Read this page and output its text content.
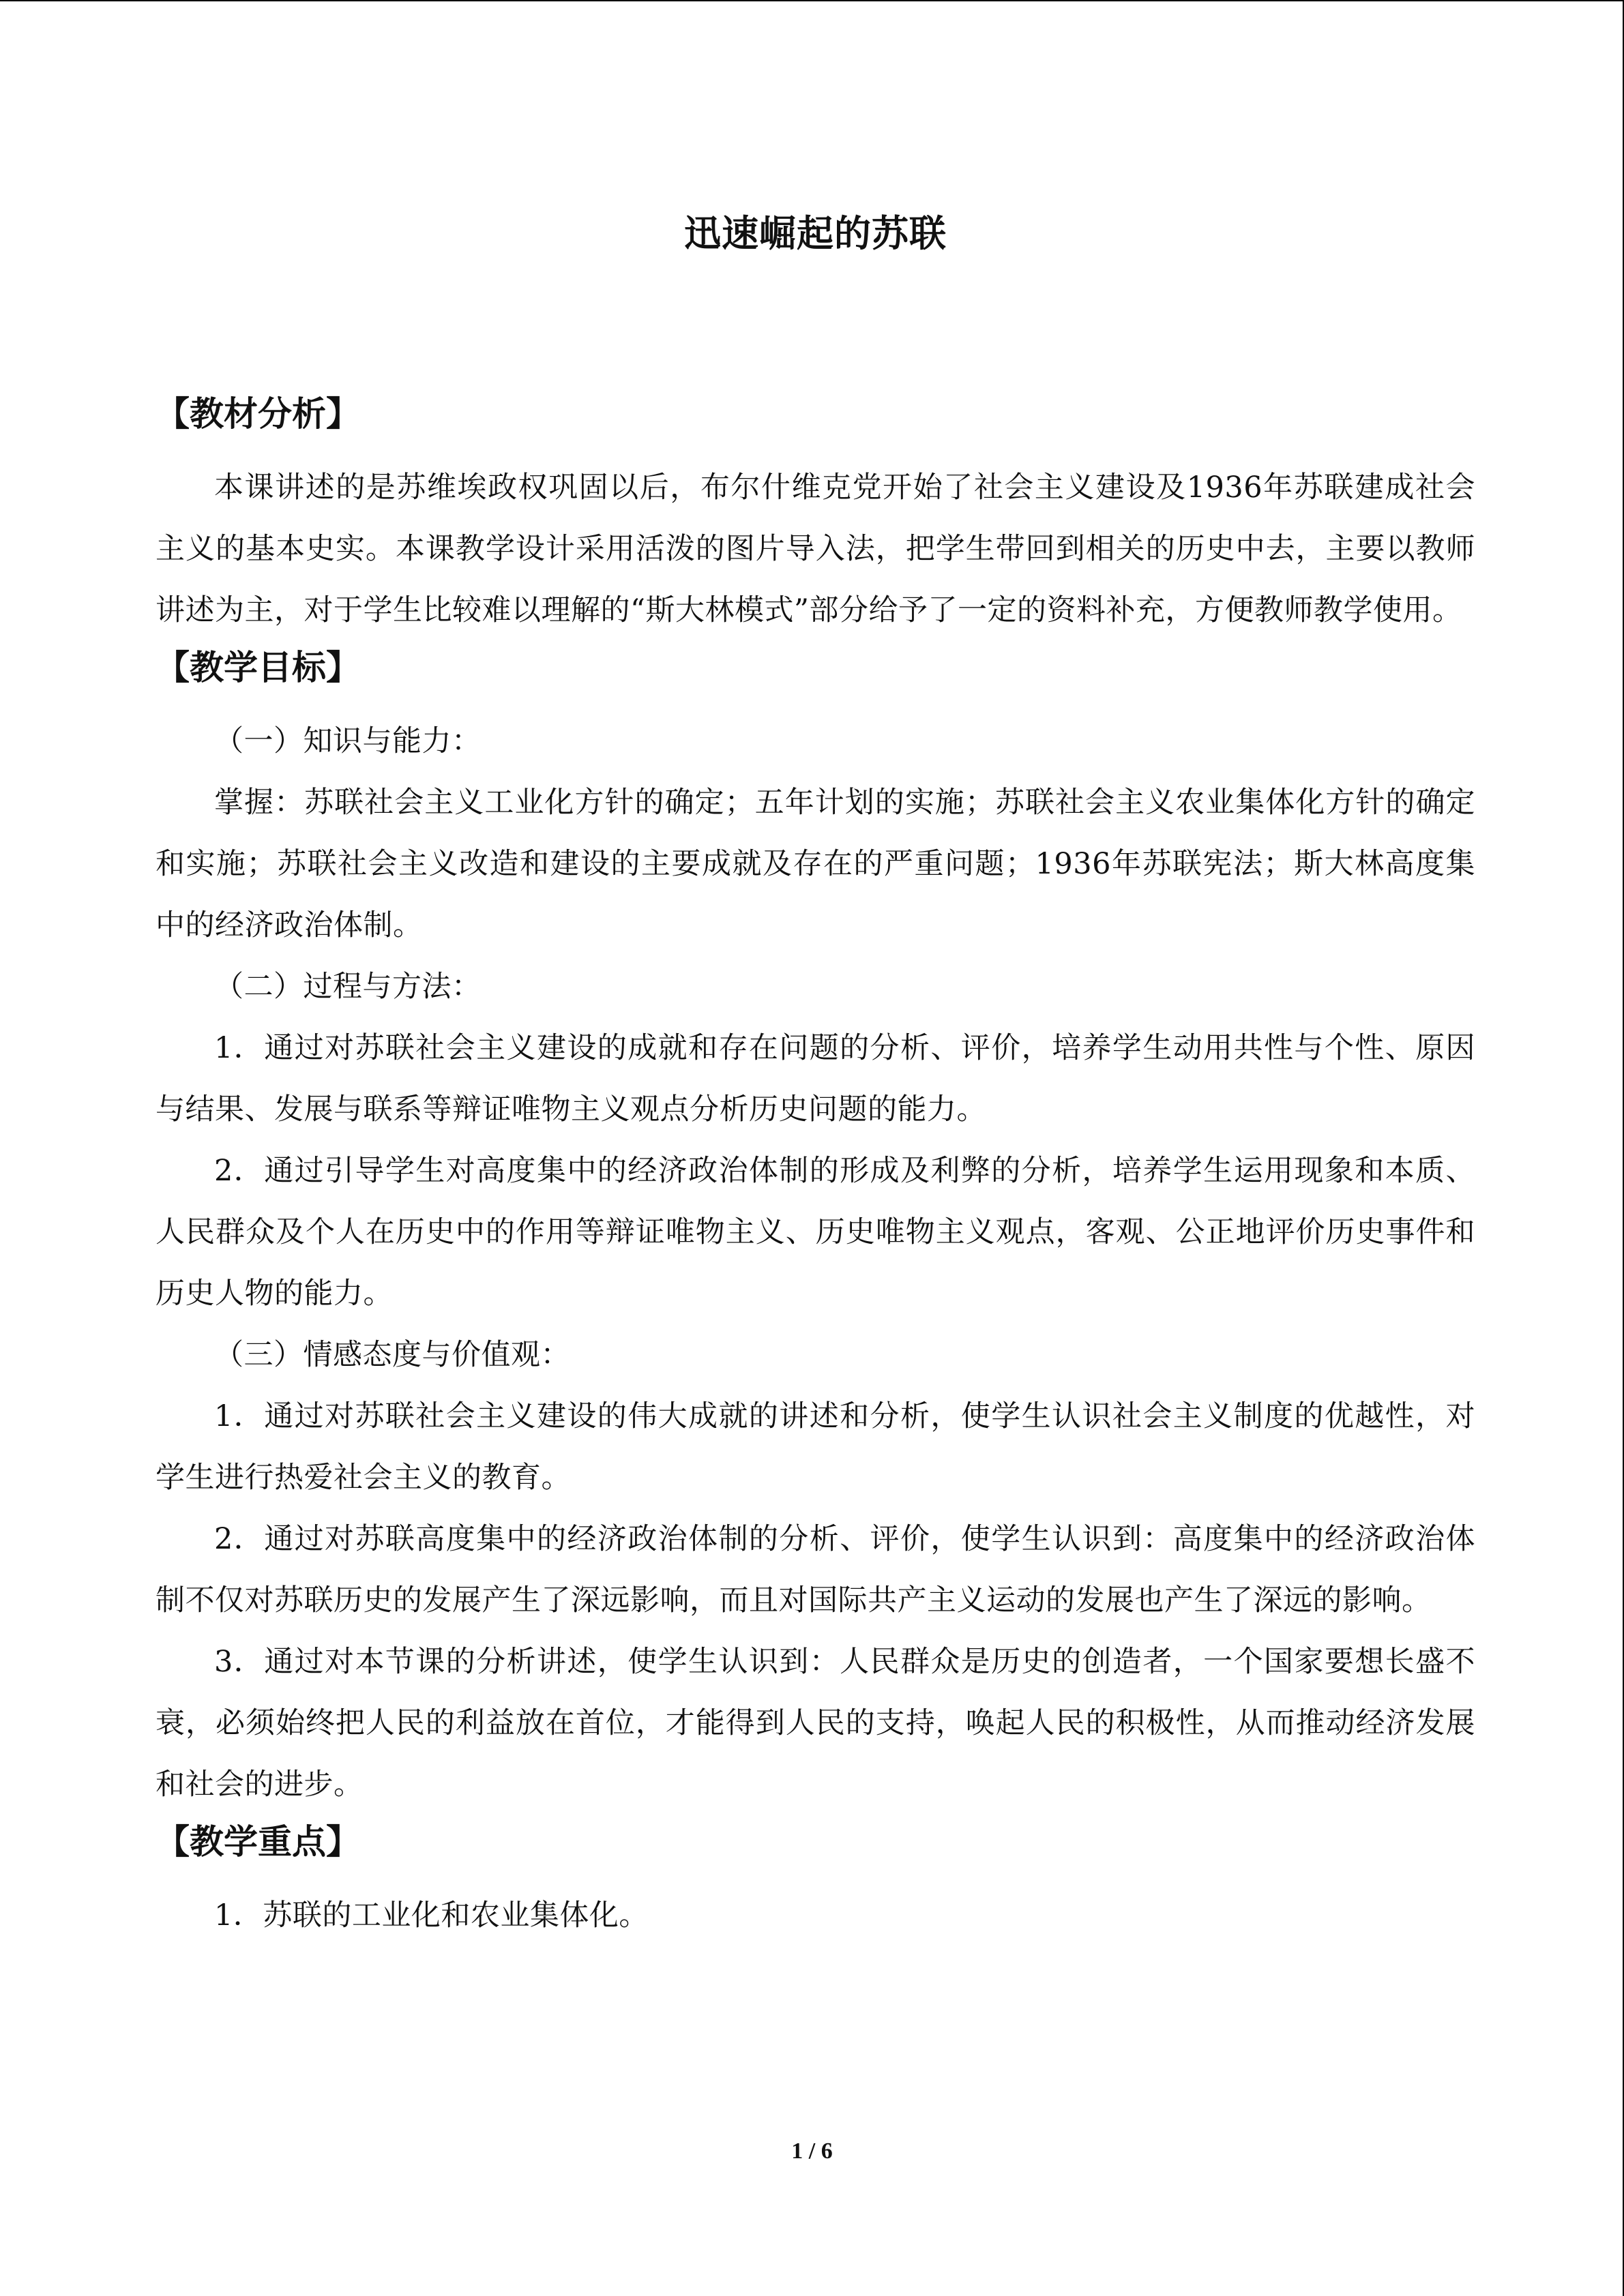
迅速崛起的苏联
【教材分析】

本课讲述的是苏维埃政权巩固以后，布尔什维克党开始了社会主义建设及1936年苏联建成社会主义的基本史实。本课教学设计采用活泼的图片导入法，把学生带回到相关的历史中去，主要以教师讲述为主，对于学生比较难以理解的“斯大林模式”部分给予了一定的资料补充，方便教师教学使用。

【教学目标】

（一）知识与能力：

掌握：苏联社会主义工业化方针的确定；五年计划的实施；苏联社会主义农业集体化方针的确定和实施；苏联社会主义改造和建设的主要成就及存在的严重问题；1936年苏联宪法；斯大林高度集中的经济政治体制。

（二）过程与方法：

1．通过对苏联社会主义建设的成就和存在问题的分析、评价，培养学生动用共性与个性、原因与结果、发展与联系等辩证唯物主义观点分析历史问题的能力。

2．通过引导学生对高度集中的经济政治体制的形成及利弊的分析，培养学生运用现象和本质、人民群众及个人在历史中的作用等辩证唯物主义、历史唯物主义观点，客观、公正地评价历史事件和历史人物的能力。

（三）情感态度与价值观：

1．通过对苏联社会主义建设的伟大成就的讲述和分析，使学生认识社会主义制度的优越性，对学生进行热爱社会主义的教育。

2．通过对苏联高度集中的经济政治体制的分析、评价，使学生认识到：高度集中的经济政治体制不仅对苏联历史的发展产生了深远影响，而且对国际共产主义运动的发展也产生了深远的影响。

3．通过对本节课的分析讲述，使学生认识到：人民群众是历史的创造者，一个国家要想长盛不衰，必须始终把人民的利益放在首位，才能得到人民的支持，唤起人民的积极性，从而推动经济发展和社会的进步。

【教学重点】

1．苏联的工业化和农业集体化。

1 / 6
